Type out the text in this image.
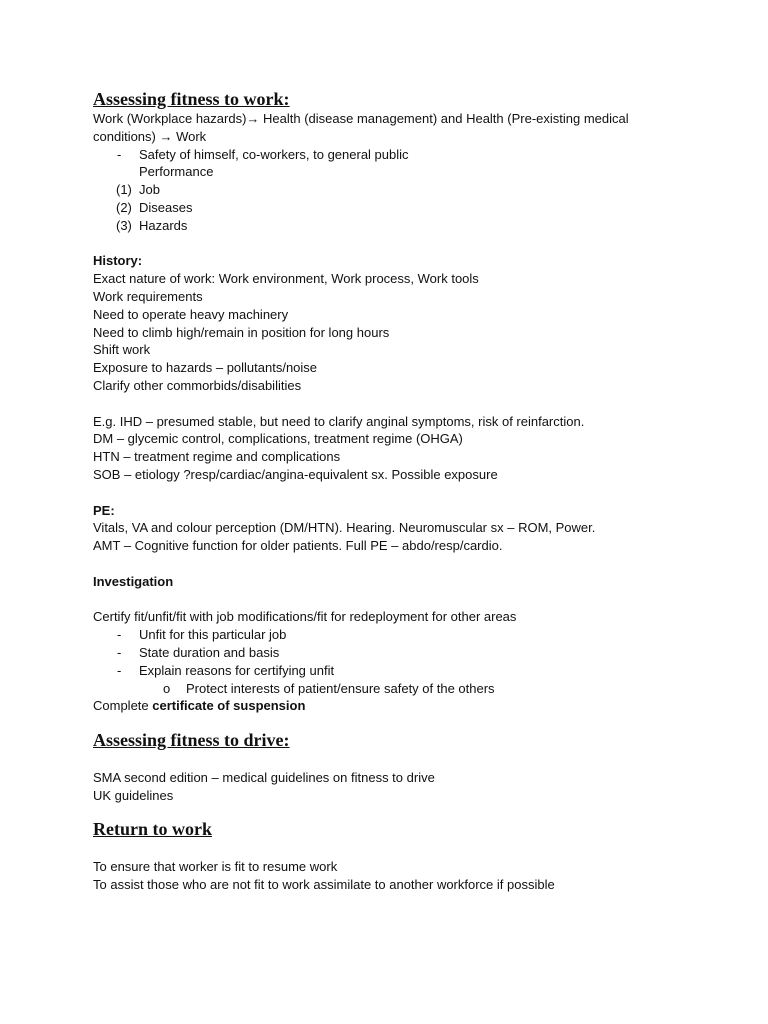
Assessing fitness to work:

Work (Workplace hazards)→ Health (disease management) and Health (Pre-existing medical

conditions) → Work

- Safety of himself, co-workers, to general public
Performance
(1) Job
(2) Diseases
(3) Hazards

History:

Exact nature of work: Work environment, Work process, Work tools

Work requirements

Need to operate heavy machinery

Need to climb high/remain in position for long hours

Shift work

Exposure to hazards – pollutants/noise

Clarify other commorbids/disabilities

E.g. IHD – presumed stable, but need to clarify anginal symptoms, risk of reinfarction.

DM – glycemic control, complications, treatment regime (OHGA)

HTN – treatment regime and complications

SOB – etiology ?resp/cardiac/angina-equivalent sx. Possible exposure

PE:

Vitals, VA and colour perception (DM/HTN). Hearing. Neuromuscular sx – ROM, Power.

AMT – Cognitive function for older patients. Full PE – abdo/resp/cardio.

Investigation

Certify fit/unfit/fit with job modifications/fit for redeployment for other areas

- Unfit for this particular job
- State duration and basis
- Explain reasons for certifying unfit
o Protect interests of patient/ensure safety of the others

Complete certificate of suspension

Assessing fitness to drive:

SMA second edition – medical guidelines on fitness to drive

UK guidelines

Return to work

To ensure that worker is fit to resume work

To assist those who are not fit to work assimilate to another workforce if possible
